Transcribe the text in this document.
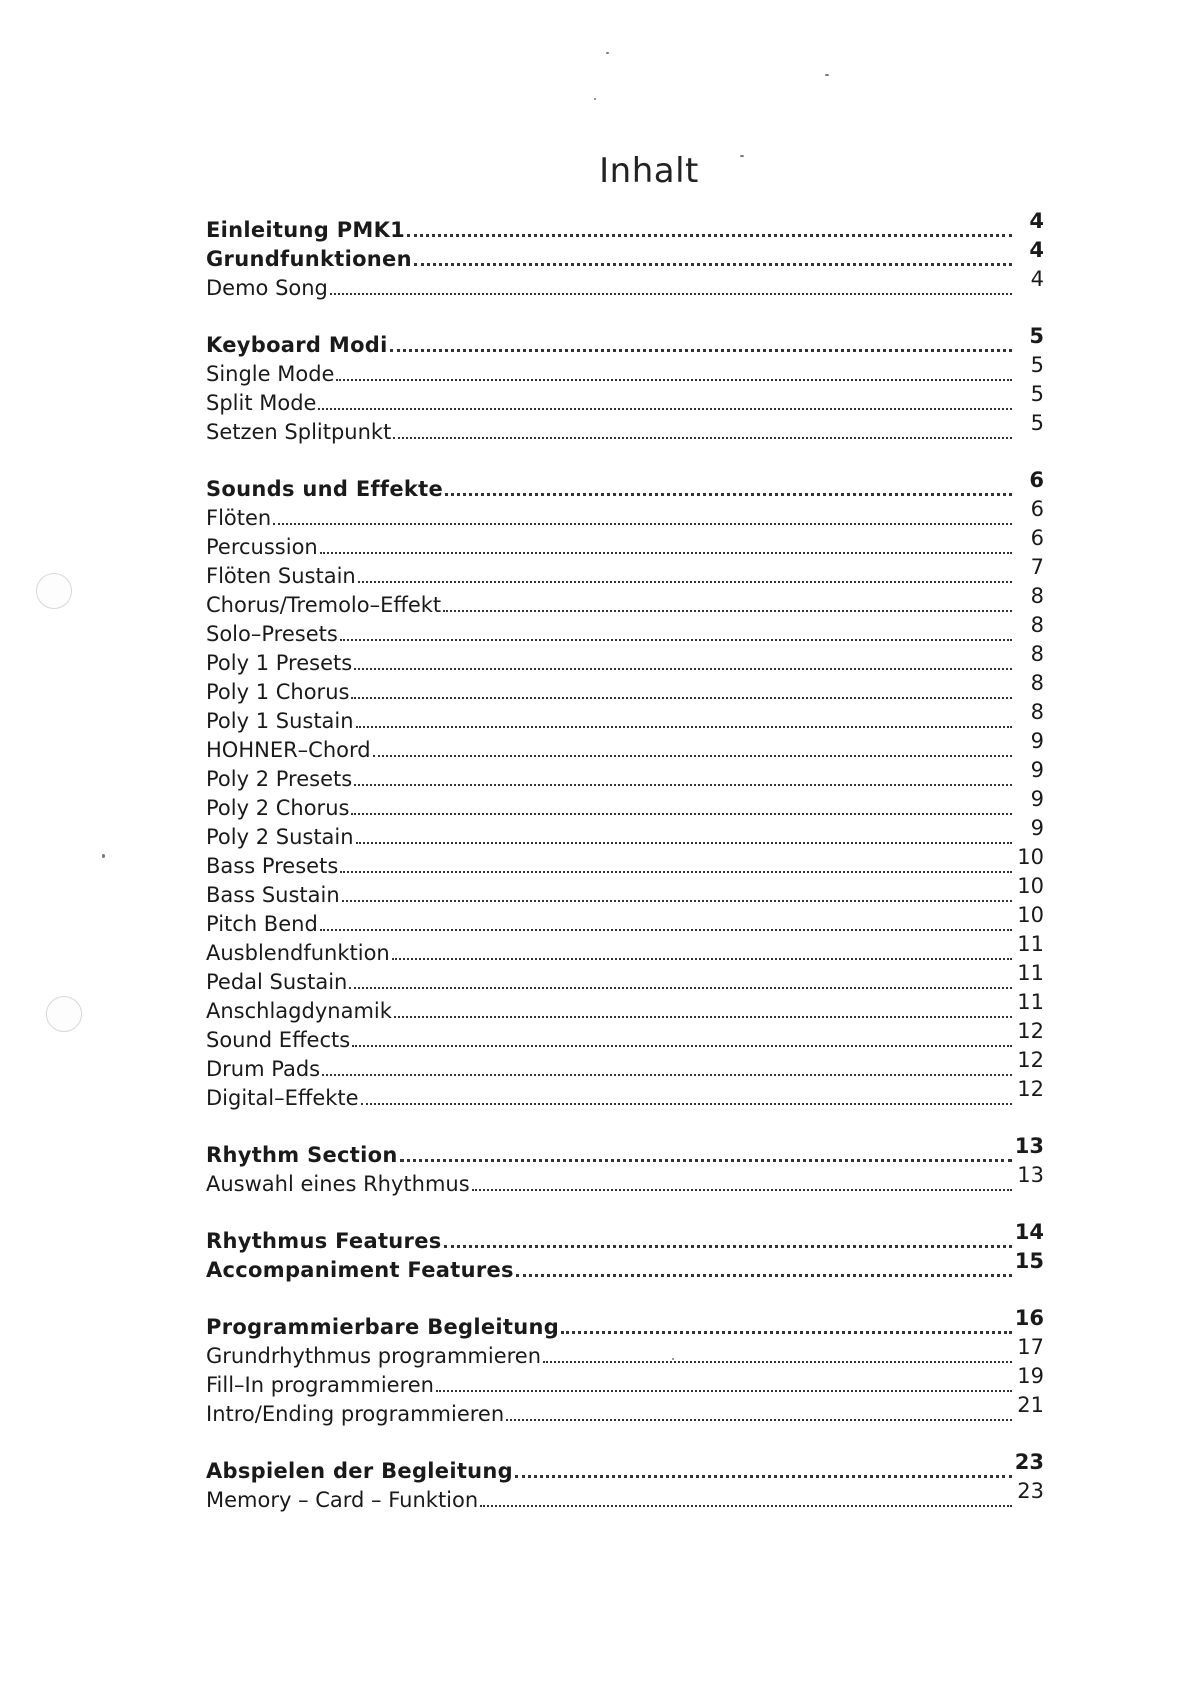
Inhalt
Einleitung PMK1	4
Grundfunktionen	4
Demo Song	4
Keyboard Modi	5
Single Mode	5
Split Mode	5
Setzen Splitpunkt	5
Sounds und Effekte	6
Flöten	6
Percussion	6
Flöten Sustain	7
Chorus/Tremolo–Effekt	8
Solo–Presets	8
Poly 1 Presets	8
Poly 1 Chorus	8
Poly 1 Sustain	8
HOHNER–Chord	9
Poly 2 Presets	9
Poly 2 Chorus	9
Poly 2 Sustain	9
Bass Presets	10
Bass Sustain	10
Pitch Bend	10
Ausblendfunktion	11
Pedal Sustain	11
Anschlagdynamik	11
Sound Effects	12
Drum Pads	12
Digital–Effekte	12
Rhythm Section	13
Auswahl eines Rhythmus	13
Rhythmus Features	14
Accompaniment Features	15
Programmierbare Begleitung	16
Grundrhythmus programmieren	17
Fill–In programmieren	19
Intro/Ending programmieren	21
Abspielen der Begleitung	23
Memory – Card – Funktion	23
